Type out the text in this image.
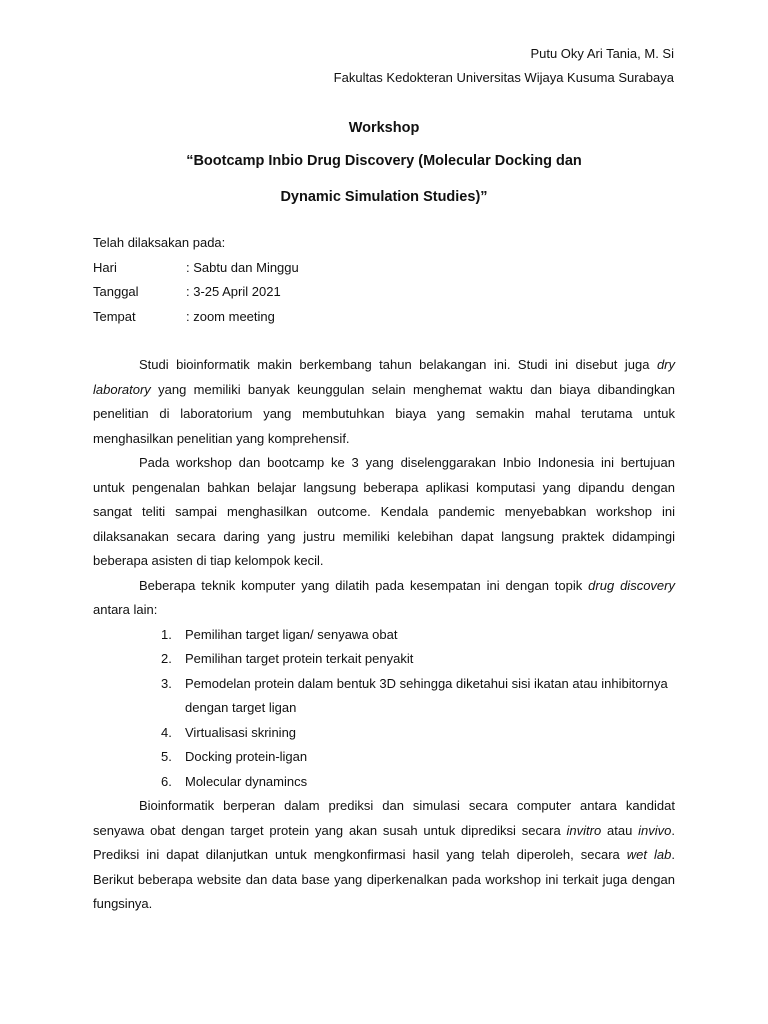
Putu Oky Ari Tania, M. Si
Fakultas Kedokteran Universitas Wijaya Kusuma Surabaya
Workshop
“Bootcamp Inbio Drug Discovery (Molecular Docking dan
Dynamic Simulation Studies)”
Telah dilaksakan pada:
Hari	: Sabtu dan Minggu
Tanggal	: 3-25 April 2021
Tempat	: zoom meeting

Studi bioinformatik makin berkembang tahun belakangan ini. Studi ini disebut juga dry laboratory yang memiliki banyak keunggulan selain menghemat waktu dan biaya dibandingkan penelitian di laboratorium yang membutuhkan biaya yang semakin mahal terutama untuk menghasilkan penelitian yang komprehensif.

Pada workshop dan bootcamp ke 3 yang diselenggarakan Inbio Indonesia ini bertujuan untuk pengenalan bahkan belajar langsung beberapa aplikasi komputasi yang dipandu dengan sangat teliti sampai menghasilkan outcome. Kendala pandemic menyebabkan workshop ini dilaksanakan secara daring yang justru memiliki kelebihan dapat langsung praktek didampingi beberapa asisten di tiap kelompok kecil.

Beberapa teknik komputer yang dilatih pada kesempatan ini dengan topik drug discovery antara lain:

1. Pemilihan target ligan/ senyawa obat
2. Pemilihan target protein terkait penyakit
3. Pemodelan protein dalam bentuk 3D sehingga diketahui sisi ikatan atau inhibitornya dengan target ligan
4. Virtualisasi skrining
5. Docking protein-ligan
6. Molecular dynamincs

Bioinformatik berperan dalam prediksi dan simulasi secara computer antara kandidat senyawa obat dengan target protein yang akan susah untuk diprediksi secara invitro atau invivo. Prediksi ini dapat dilanjutkan untuk mengkonfirmasi hasil yang telah diperoleh, secara wet lab. Berikut beberapa website dan data base yang diperkenalkan pada workshop ini terkait juga dengan fungsinya.
